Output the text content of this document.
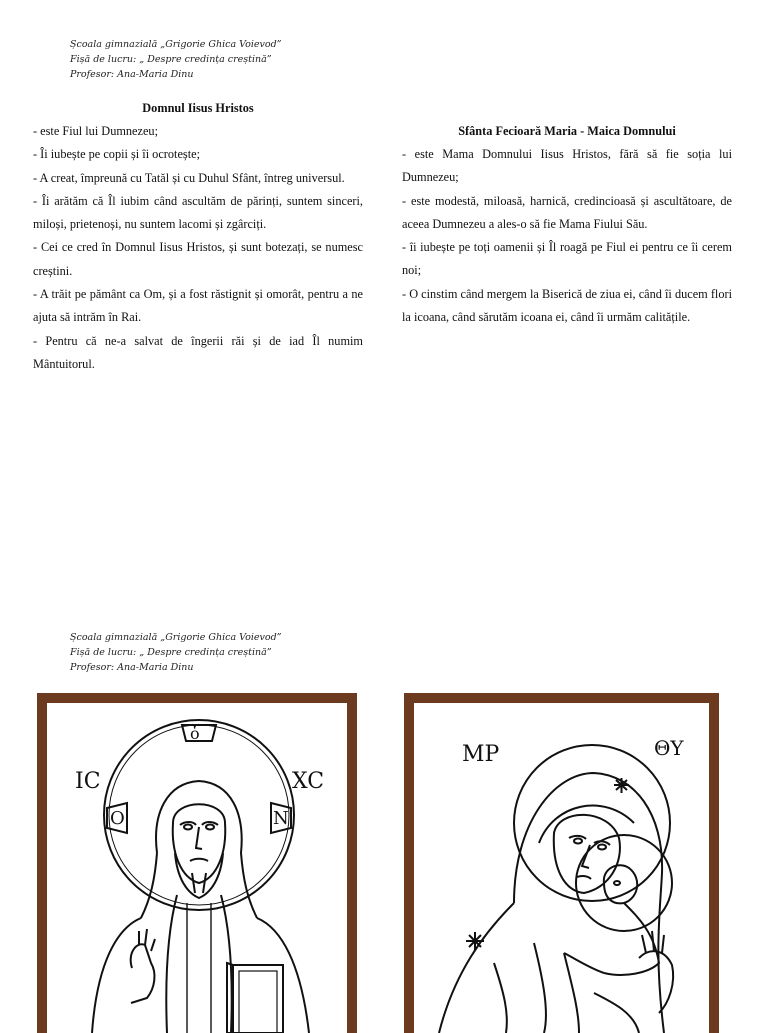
Școala gimnazială „Grigorie Ghica Voievod”
Fișă de lucru: „ Despre credința creștină”
Profesor: Ana-Maria Dinu
Domnul Iisus Hristos

- este Fiul lui Dumnezeu;

- Îi iubește pe copii și îi ocrotește;

- A creat, împreună cu Tatăl și cu Duhul Sfânt, întreg universul.

- Îi arătăm că Îl iubim când ascultăm de părinți, suntem sinceri, miloși, prietenoși, nu suntem lacomi și zgârciți.

- Cei ce cred în Domnul Iisus Hristos, și sunt botezați, se numesc creștini.

- A trăit pe pământ ca Om, și a fost răstignit și omorât, pentru a ne ajuta să intrăm în Rai.

- Pentru că ne-a salvat de îngerii răi și de iad Îl numim Mântuitorul.

Sfânta Fecioară Maria - Maica Domnului

- este Mama Domnului Iisus Hristos, fără să fie soția lui Dumnezeu;

- este modestă, miloasă, harnică, credincioasă și ascultătoare, de aceea Dumnezeu a ales-o să fie Mama Fiului Său.

- îi iubește pe toți oamenii și Îl roagă pe Fiul ei pentru ce îi cerem noi;

- O cinstim când mergem la Biserică de ziua ei, când îi ducem flori la icoana, când sărutăm icoana ei, când îi urmăm calitățile.

Școala gimnazială „Grigorie Ghica Voievod”
Fișă de lucru: „ Despre credința creștină”
Profesor: Ana-Maria Dinu
IC	XC
ὁ
Ο	Ν
MP	ΘΥ
